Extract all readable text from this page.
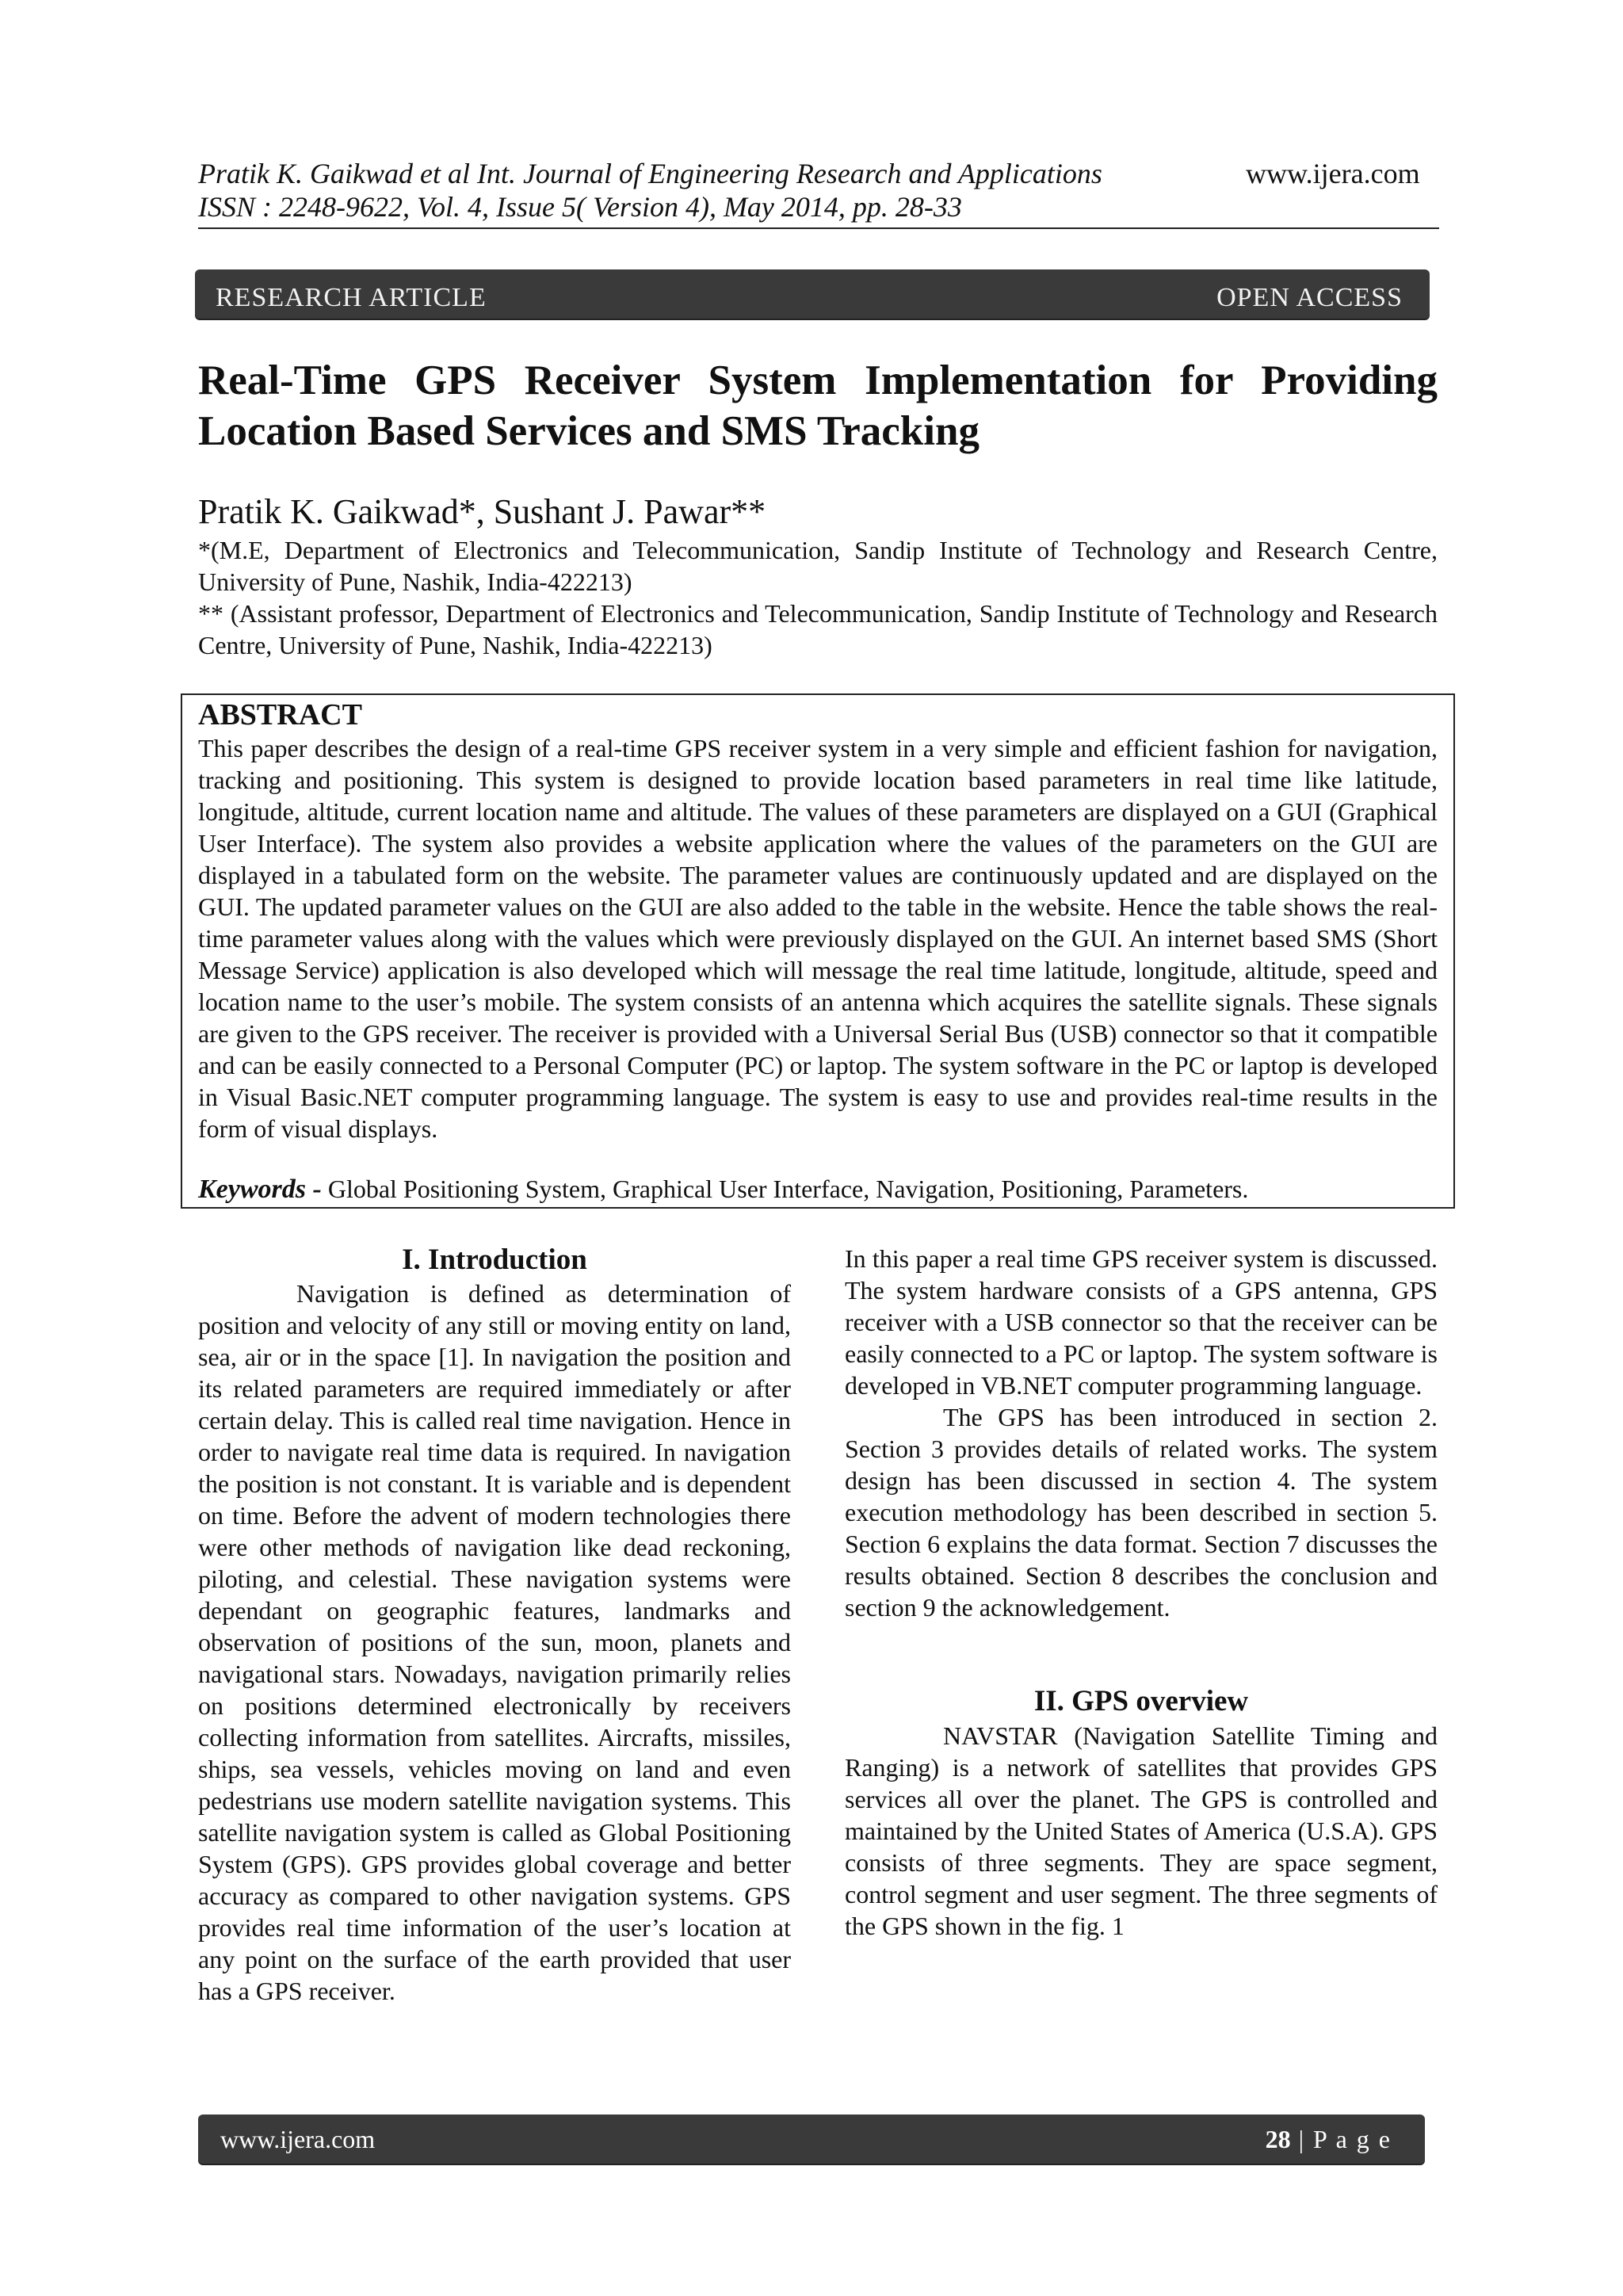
Pratik K. Gaikwad et al Int. Journal of Engineering Research and Applications
ISSN : 2248-9622, Vol. 4, Issue 5( Version 4), May 2014, pp. 28-33
www.ijera.com
RESEARCH ARTICLE	OPEN ACCESS
Real-Time GPS Receiver System Implementation for Providing Location Based Services and SMS Tracking
Pratik K. Gaikwad*, Sushant J. Pawar**
*(M.E, Department of Electronics and Telecommunication, Sandip Institute of Technology and Research Centre, University of Pune, Nashik, India-422213)
** (Assistant professor, Department of Electronics and Telecommunication, Sandip Institute of Technology and Research Centre, University of Pune, Nashik, India-422213)
ABSTRACT
This paper describes the design of a real-time GPS receiver system in a very simple and efficient fashion for navigation, tracking and positioning. This system is designed to provide location based parameters in real time like latitude, longitude, altitude, current location name and altitude. The values of these parameters are displayed on a GUI (Graphical User Interface). The system also provides a website application where the values of the parameters on the GUI are displayed in a tabulated form on the website. The parameter values are continuously updated and are displayed on the GUI. The updated parameter values on the GUI are also added to the table in the website. Hence the table shows the real-time parameter values along with the values which were previously displayed on the GUI. An internet based SMS (Short Message Service) application is also developed which will message the real time latitude, longitude, altitude, speed and location name to the user’s mobile. The system consists of an antenna which acquires the satellite signals. These signals are given to the GPS receiver. The receiver is provided with a Universal Serial Bus (USB) connector so that it compatible and can be easily connected to a Personal Computer (PC) or laptop. The system software in the PC or laptop is developed in Visual Basic.NET computer programming language. The system is easy to use and provides real-time results in the form of visual displays.
Keywords - Global Positioning System, Graphical User Interface, Navigation, Positioning, Parameters.
I. Introduction

Navigation is defined as determination of position and velocity of any still or moving entity on land, sea, air or in the space [1]. In navigation the position and its related parameters are required immediately or after certain delay. This is called real time navigation. Hence in order to navigate real time data is required. In navigation the position is not constant. It is variable and is dependent on time. Before the advent of modern technologies there were other methods of navigation like dead reckoning, piloting, and celestial. These navigation systems were dependant on geographic features, landmarks and observation of positions of the sun, moon, planets and navigational stars. Nowadays, navigation primarily relies on positions determined electronically by receivers collecting information from satellites. Aircrafts, missiles, ships, sea vessels, vehicles moving on land and even pedestrians use modern satellite navigation systems. This satellite navigation system is called as Global Positioning System (GPS). GPS provides global coverage and better accuracy as compared to other navigation systems. GPS provides real time information of the user’s location at any point on the surface of the earth provided that user has a GPS receiver.

In this paper a real time GPS receiver system is discussed. The system hardware consists of a GPS antenna, GPS receiver with a USB connector so that the receiver can be easily connected to a PC or laptop. The system software is developed in VB.NET computer programming language.

The GPS has been introduced in section 2. Section 3 provides details of related works. The system design has been discussed in section 4. The system execution methodology has been described in section 5. Section 6 explains the data format. Section 7 discusses the results obtained. Section 8 describes the conclusion and section 9 the acknowledgement.

II. GPS overview

NAVSTAR (Navigation Satellite Timing and Ranging) is a network of satellites that provides GPS services all over the planet. The GPS is controlled and maintained by the United States of America (U.S.A). GPS consists of three segments. They are space segment, control segment and user segment. The three segments of the GPS shown in the fig. 1

www.ijera.com	28 | P a g e
